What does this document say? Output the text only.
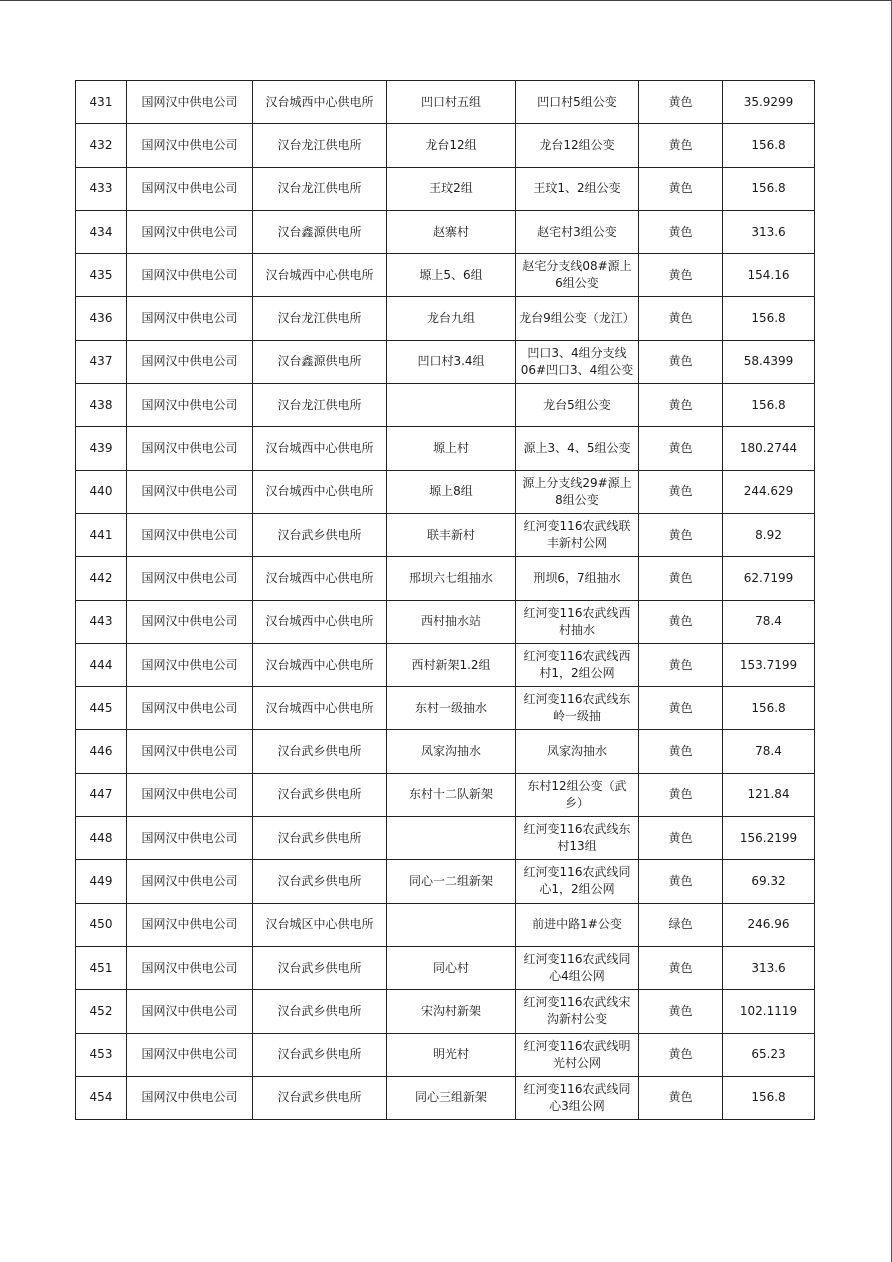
431	国网汉中供电公司	汉台城西中心供电所	凹口村五组	凹口村5组公变	黄色	35.9299
432	国网汉中供电公司	汉台龙江供电所	龙台12组	龙台12组公变	黄色	156.8
433	国网汉中供电公司	汉台龙江供电所	王玟2组	王玟1、2组公变	黄色	156.8
434	国网汉中供电公司	汉台鑫源供电所	赵寨村	赵宅村3组公变	黄色	313.6
435	国网汉中供电公司	汉台城西中心供电所	塬上5、6组	赵宅分支线08#源上6组公变	黄色	154.16
436	国网汉中供电公司	汉台龙江供电所	龙台九组	龙台9组公变（龙江）	黄色	156.8
437	国网汉中供电公司	汉台鑫源供电所	凹口村3.4组	凹口3、4组分支线06#凹口3、4组公变	黄色	58.4399
438	国网汉中供电公司	汉台龙江供电所		龙台5组公变	黄色	156.8
439	国网汉中供电公司	汉台城西中心供电所	塬上村	源上3、4、5组公变	黄色	180.2744
440	国网汉中供电公司	汉台城西中心供电所	塬上8组	源上分支线29#源上8组公变	黄色	244.629
441	国网汉中供电公司	汉台武乡供电所	联丰新村	红河变116农武线联丰新村公网	黄色	8.92
442	国网汉中供电公司	汉台城西中心供电所	邢坝六七组抽水	刑坝6，7组抽水	黄色	62.7199
443	国网汉中供电公司	汉台城西中心供电所	西村抽水站	红河变116农武线西村抽水	黄色	78.4
444	国网汉中供电公司	汉台城西中心供电所	西村新架1.2组	红河变116农武线西村1，2组公网	黄色	153.7199
445	国网汉中供电公司	汉台城西中心供电所	东村一级抽水	红河变116农武线东岭一级抽	黄色	156.8
446	国网汉中供电公司	汉台武乡供电所	凤家沟抽水	凤家沟抽水	黄色	78.4
447	国网汉中供电公司	汉台武乡供电所	东村十二队新架	东村12组公变（武乡）	黄色	121.84
448	国网汉中供电公司	汉台武乡供电所		红河变116农武线东村13组	黄色	156.2199
449	国网汉中供电公司	汉台武乡供电所	同心一二组新架	红河变116农武线同心1，2组公网	黄色	69.32
450	国网汉中供电公司	汉台城区中心供电所		前进中路1#公变	绿色	246.96
451	国网汉中供电公司	汉台武乡供电所	同心村	红河变116农武线同心4组公网	黄色	313.6
452	国网汉中供电公司	汉台武乡供电所	宋沟村新架	红河变116农武线宋沟新村公变	黄色	102.1119
453	国网汉中供电公司	汉台武乡供电所	明光村	红河变116农武线明光村公网	黄色	65.23
454	国网汉中供电公司	汉台武乡供电所	同心三组新架	红河变116农武线同心3组公网	黄色	156.8
